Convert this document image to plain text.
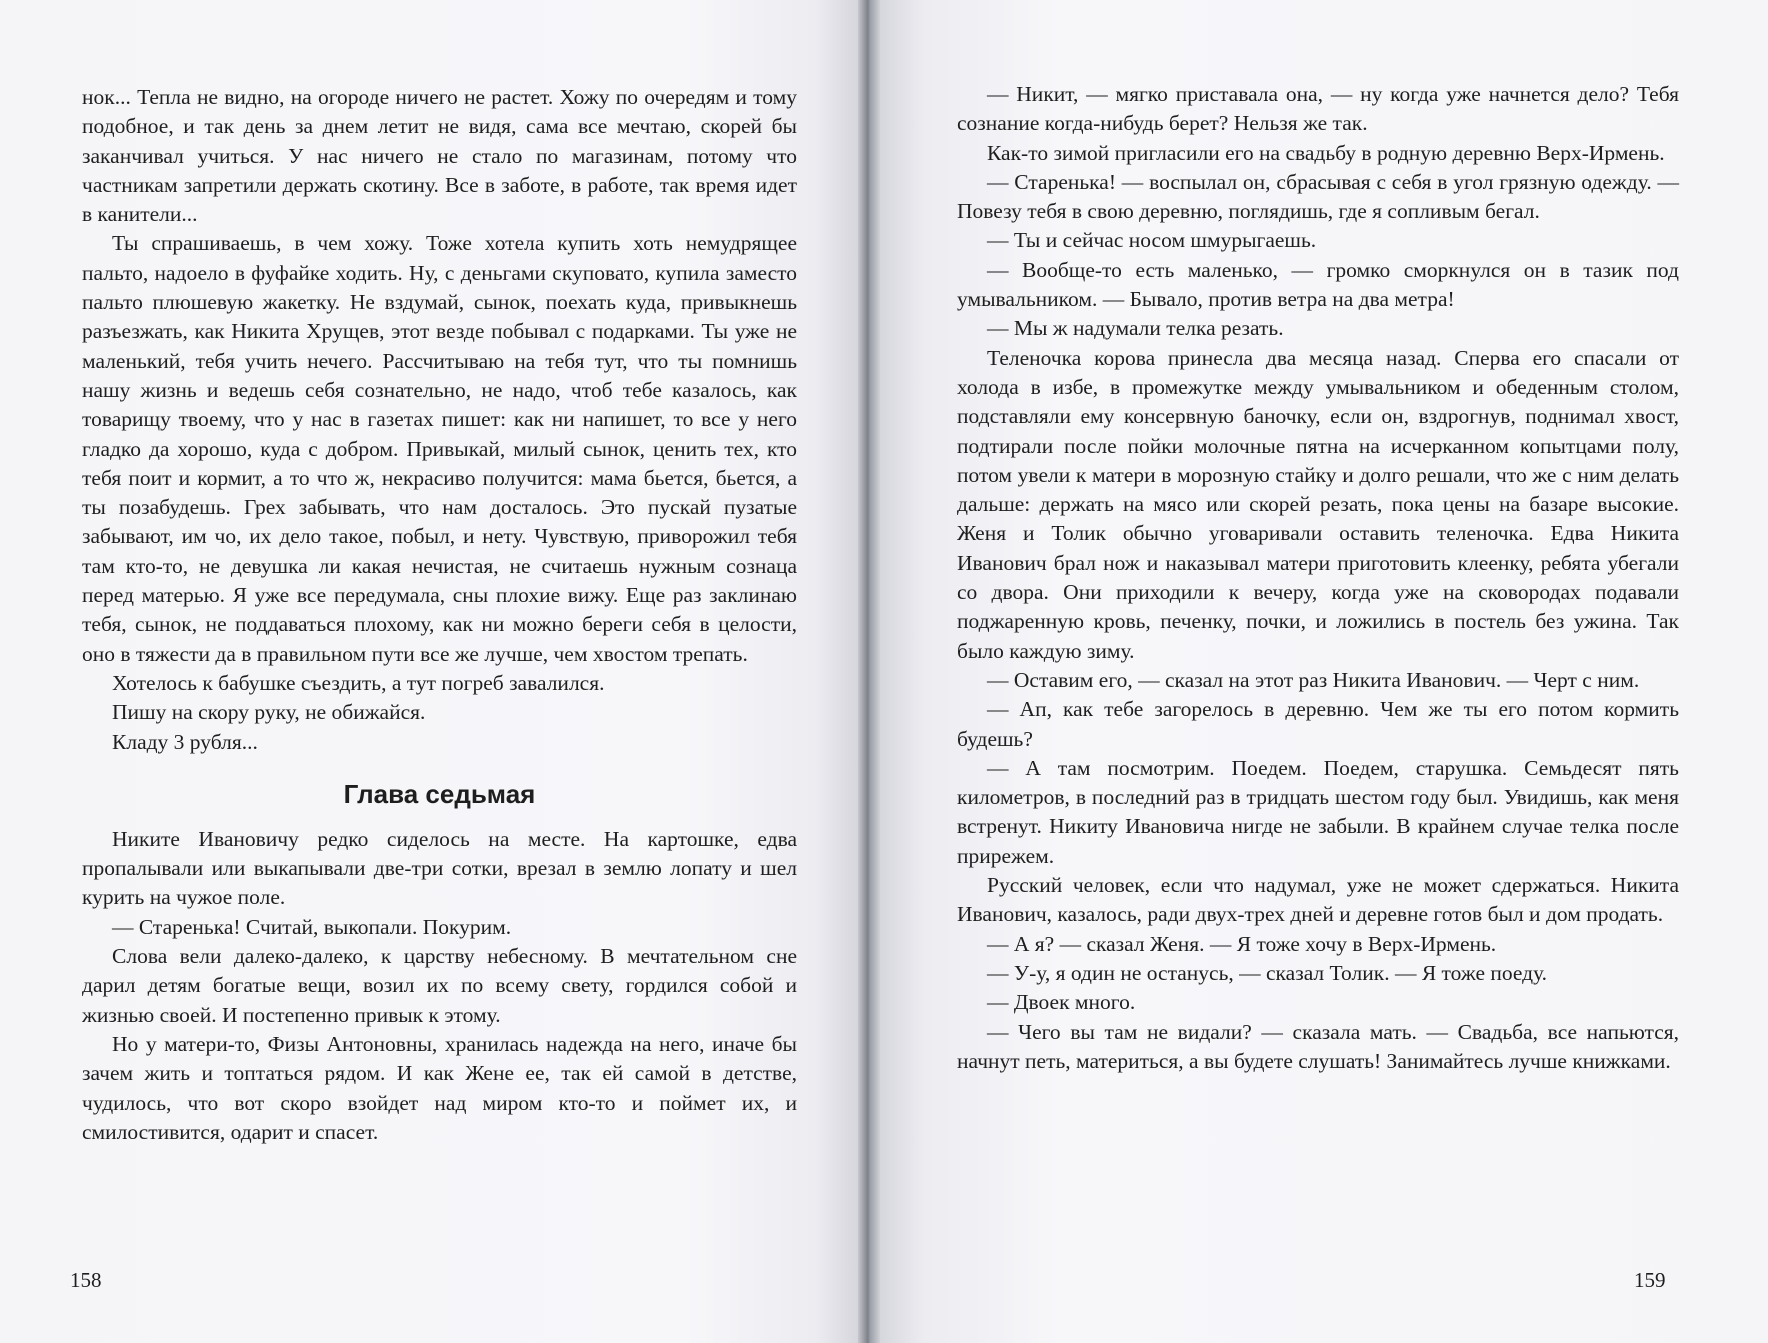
нок... Тепла не видно, на огороде ничего не растет. Хожу по очередям и тому подобное, и так день за днем летит не видя, сама все мечтаю, скорей бы заканчивал учиться. У нас ничего не стало по магазинам, потому что частникам запретили держать скотину. Все в заботе, в работе, так время идет в канители...

Ты спрашиваешь, в чем хожу. Тоже хотела купить хоть немудрящее пальто, надоело в фуфайке ходить. Ну, с деньгами скуповато, купила заместо пальто плюшевую жакетку. Не вздумай, сынок, поехать куда, привыкнешь разъезжать, как Никита Хрущев, этот везде побывал с подарками. Ты уже не маленький, тебя учить нечего. Рассчитываю на тебя тут, что ты помнишь нашу жизнь и ведешь себя сознательно, не надо, чтоб тебе казалось, как товарищу твоему, что у нас в газетах пишет: как ни напишет, то все у него гладко да хорошо, куда с добром. Привыкай, милый сынок, ценить тех, кто тебя поит и кормит, а то что ж, некрасиво получится: мама бьется, бьется, а ты позабудешь. Грех забывать, что нам досталось. Это пускай пузатые забывают, им чо, их дело такое, побыл, и нету. Чувствую, приворожил тебя там кто-то, не девушка ли какая нечистая, не считаешь нужным сознаца перед матерью. Я уже все передумала, сны плохие вижу. Еще раз заклинаю тебя, сынок, не поддаваться плохому, как ни можно береги себя в целости, оно в тяжести да в правильном пути все же лучше, чем хвостом трепать.

Хотелось к бабушке съездить, а тут погреб завалился.

Пишу на скору руку, не обижайся.

Кладу 3 рубля...

Глава седьмая

Никите Ивановичу редко сиделось на месте. На картошке, едва пропалывали или выкапывали две-три сотки, врезал в землю лопату и шел курить на чужое поле.

— Старенька! Считай, выкопали. Покурим.

Слова вели далеко-далеко, к царству небесному. В мечтательном сне дарил детям богатые вещи, возил их по всему свету, гордился собой и жизнью своей. И постепенно привык к этому.

Но у матери-то, Физы Антоновны, хранилась надежда на него, иначе бы зачем жить и топтаться рядом. И как Жене ее, так ей самой в детстве, чудилось, что вот скоро взойдет над миром кто-то и поймет их, и смилостивится, одарит и спасет.

158

— Никит, — мягко приставала она, — ну когда уже начнется дело? Тебя сознание когда-нибудь берет? Нельзя же так.

Как-то зимой пригласили его на свадьбу в родную деревню Верх-Ирмень.

— Старенька! — воспылал он, сбрасывая с себя в угол грязную одежду. — Повезу тебя в свою деревню, поглядишь, где я сопливым бегал.

— Ты и сейчас носом шмурыгаешь.

— Вообще-то есть маленько, — громко сморкнулся он в тазик под умывальником. — Бывало, против ветра на два метра!

— Мы ж надумали телка резать.

Теленочка корова принесла два месяца назад. Сперва его спасали от холода в избе, в промежутке между умывальником и обеденным столом, подставляли ему консервную баночку, если он, вздрогнув, поднимал хвост, подтирали после пойки молочные пятна на исчерканном копытцами полу, потом увели к матери в морозную стайку и долго решали, что же с ним делать дальше: держать на мясо или скорей резать, пока цены на базаре высокие. Женя и Толик обычно уговаривали оставить теленочка. Едва Никита Иванович брал нож и наказывал матери приготовить клеенку, ребята убегали со двора. Они приходили к вечеру, когда уже на сковородах подавали поджаренную кровь, печенку, почки, и ложились в постель без ужина. Так было каждую зиму.

— Оставим его, — сказал на этот раз Никита Иванович. — Черт с ним.

— Ап, как тебе загорелось в деревню. Чем же ты его потом кормить будешь?

— А там посмотрим. Поедем. Поедем, старушка. Семьдесят пять километров, в последний раз в тридцать шестом году был. Увидишь, как меня встренут. Никиту Ивановича нигде не забыли. В крайнем случае телка после прирежем.

Русский человек, если что надумал, уже не может сдержаться. Никита Иванович, казалось, ради двух-трех дней и деревне готов был и дом продать.

— А я? — сказал Женя. — Я тоже хочу в Верх-Ирмень.

— У-у, я один не останусь, — сказал Толик. — Я тоже поеду.

— Двоек много.

— Чего вы там не видали? — сказала мать. — Свадьба, все напьются, начнут петь, материться, а вы будете слушать! Занимайтесь лучше книжками.

159
